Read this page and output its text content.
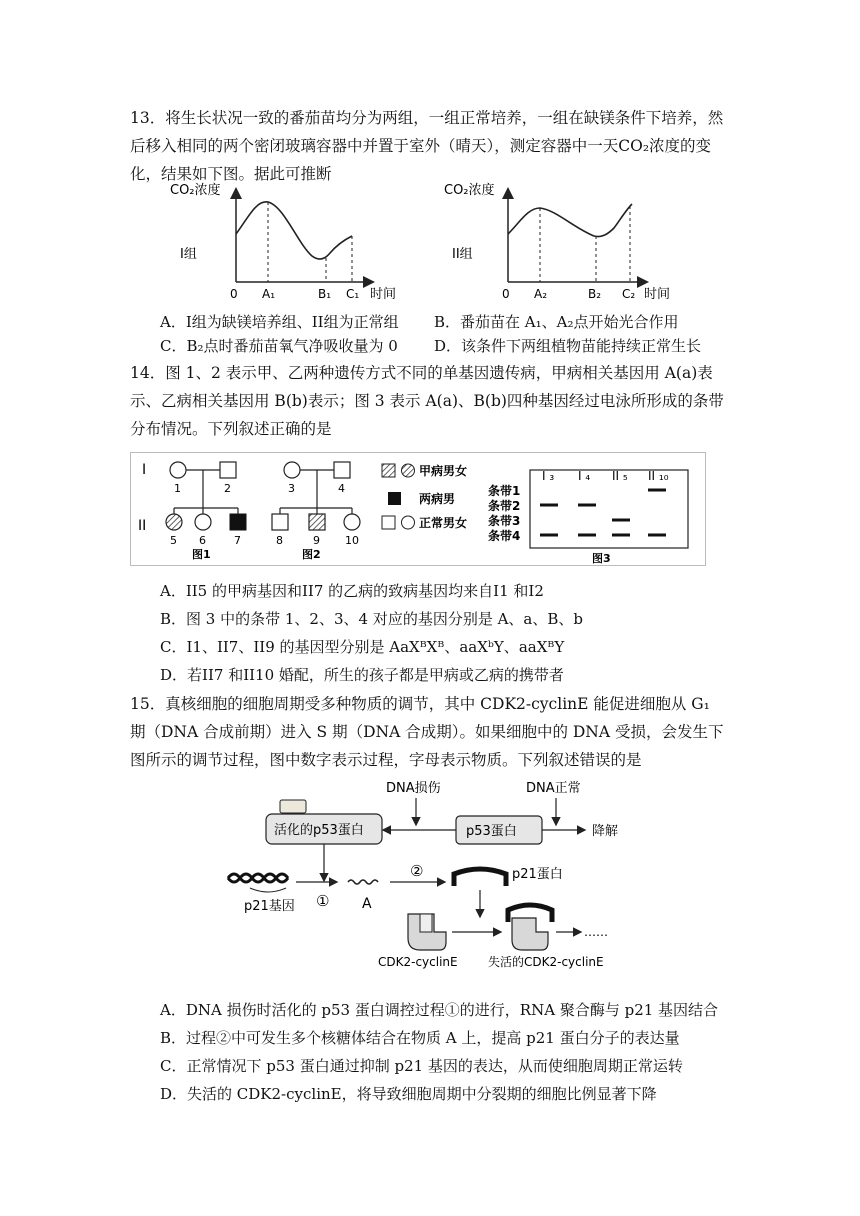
13．将生长状况一致的番茄苗均分为两组，一组正常培养，一组在缺镁条件下培养，然后移入相同的两个密闭玻璃容器中并置于室外（晴天），测定容器中一天CO₂浓度的变化，结果如下图。据此可推断
CO₂浓度
I组
0 A₁	B₁ C₁ 时间
CO₂浓度
II组
0 A₂	B₂ C₂ 时间
A．I组为缺镁培养组、II组为正常组 B．番茄苗在 A₁、A₂点开始光合作用
C．B₂点时番茄苗氧气净吸收量为 0 D．该条件下两组植物苗能持续正常生长
14．图 1、2 表示甲、乙两种遗传方式不同的单基因遗传病，甲病相关基因用 A(a)表示、乙病相关基因用 B(b)表示；图 3 表示 A(a)、B(b)四种基因经过电泳所形成的条带分布情况。下列叙述正确的是
I
II
1	2
5 6	7
图1
3	4
8	9 10
图2
甲病男女
两病男
正常男女
条带1
条带2
条带3
条带4
I ₃ I ₄ II ₅ II ₁₀
图3
A．II5 的甲病基因和II7 的乙病的致病基因均来自I1 和I2
B．图 3 中的条带 1、2、3、4 对应的基因分别是 A、a、B、b
C．I1、II7、II9 的基因型分别是 AaXᴮXᴮ、aaXᵇY、aaXᴮY
D．若II7 和II10 婚配，所生的孩子都是甲病或乙病的携带者
15．真核细胞的细胞周期受多种物质的调节，其中 CDK2-cyclinE 能促进细胞从 G₁ 期（DNA 合成前期）进入 S 期（DNA 合成期）。如果细胞中的 DNA 受损，会发生下图所示的调节过程，图中数字表示过程，字母表示物质。下列叙述错误的是
DNA损伤	DNA正常
活化的p53蛋白	p53蛋白	降解
p21基因 ① A
②	p21蛋白
CDK2-cyclinE
……
失活的CDK2-cyclinE
A．DNA 损伤时活化的 p53 蛋白调控过程①的进行，RNA 聚合酶与 p21 基因结合
B．过程②中可发生多个核糖体结合在物质 A 上，提高 p21 蛋白分子的表达量
C．正常情况下 p53 蛋白通过抑制 p21 基因的表达，从而使细胞周期正常运转
D．失活的 CDK2-cyclinE，将导致细胞周期中分裂期的细胞比例显著下降
